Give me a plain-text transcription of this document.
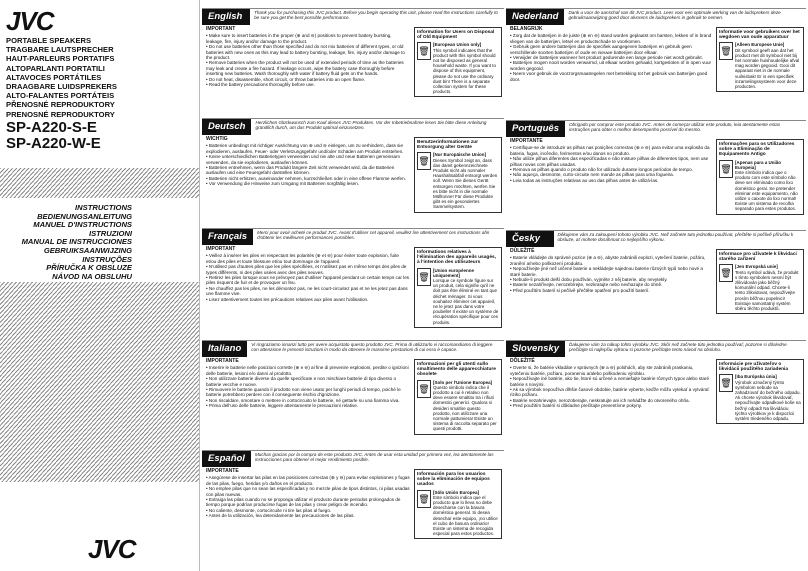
JVC
PORTABLE SPEAKERS
TRAGBARE LAUTSPRECHER
HAUT-PARLEURS PORTATIFS
ALTOPARLANTI PORTATILI
ALTAVOCES PORTÁTILES
DRAAGBARE LUIDSPREKERS
ALTO-FALANTES PORTÁTEIS
PŘENOSNÉ REPRODUKTORY
PRENOSNÉ REPRODUKTORY
SP-A220-S-E
SP-A220-W-E
INSTRUCTIONS
BEDIENUNGSANLEITUNG
MANUEL D'INSTRUCTIONS
ISTRUZIONI
MANUAL DE INSTRUCCIONES
GEBRUIKSAANWIJZING
INSTRUÇÕES
PŘÍRUČKA K OBSLUZE
NÁVOD NA OBSLUHU
JVC
English	Thank you for purchasing this JVC product. Before you begin operating this unit, please read the instructions carefully to be sure you get the best possible performance.
IMPORTANT
• Make sure to insert batteries in the proper (⊕ and ⊖) positions to prevent battery bursting, leakage, fire, injury and/or damage to the product.
• Do not use batteries other than those specified and do not mix batteries of different types, or old batteries with new ones as this may lead to battery bursting, leakage, fire, injury and/or damage to the product.
• Remove batteries when the product will not be used of extended periods of time as the batteries may leak and create a fire hazard. If leakage occurs, wipe the battery case thoroughly before inserting new batteries. Wash thoroughly with water if battery fluid gets on the hands.
• Do not heat, disassemble, short circuit, or throw batteries into an open flame.
• Read the battery precautions thoroughly before use.
Information for Users on Disposal of Old Equipment
🗑
[European Union only]
This symbol indicates that the product with this symbol should not be disposed as general household waste. If you want to dispose of this equipment, please do not use the ordinary dust bin! There is a separate collection system for these products.
Deutsch	Herzlichen Glückwunsch zum Kauf dieses JVC-Produktes. Vor der Inbetriebnahme lesen Sie bitte diese Anleitung gründlich durch, um das Produkt optimal einzusetzen.
WICHTIG
• Batterien unbedingt mit richtiger Ausrichtung von ⊕ und ⊖ einlegen, um zu verhindern, dass sie explodieren, auslaufen, Feuer- oder Verletzungsgefahr und/oder Schäden am Produkt entstehen.
• Keine unterschiedlichen Batterietypen verwenden und nie alte und neue Batterien gemeinsam verwenden, da sie explodieren, auslaufen können.
• Batterien entnehmen, wenn das Produkt längere Zeit nicht verwendet wird, da die Batterien auslaufen und eine Feuergefahr darstellen können.
• Batterien nicht erhitzen, auseinander nehmen, kurzschließen oder in eine offene Flamme werfen.
• Vor Verwendung die Hinweise zum Umgang mit Batterien sorgfältig lesen.
Benutzerinformationen zur Entsorgung alter Geräte
🗑
[Nur Europäische Union]
Dieses Symbol zeigt an, dass das damit gekennzeichnete Produkt nicht als normaler Haushaltsabfall entsorgt werden soll. Wenn Sie dieses Gerät entsorgen möchten, werfen Sie es bitte nicht in die normale Mülltonne! Für diese Produkte gibt es ein gesondertes Sammelsystem.
Français	Merci pour avoir acheté ce produit JVC. Avant d'utiliser cet appareil, veuillez lire attentivement ces instructions afin d'obtenir les meilleures performances possibles.
IMPORTANT
• Veillez à insérer les piles en respectant les polarités (⊕ et ⊖) pour éviter toute explosion, fuite et/ou des piles et toute blessure et/ou tout dommage de l'appareil.
• N'utilisez pas d'autres piles que les piles spécifiées, et n'utilisez pas en même temps des piles de types différents, ni des piles usées avec des piles neuves.
• Retirez les piles lorsque vous ne prévoyez pas d'utiliser l'appareil pendant un certain temps car les piles risquent de fuir et de provoquer un feu.
• Ne chauffez pas les piles, ne les démontez pas, ne les court-circuitez pas et ne les jetez pas dans une flamme vive.
• Lisez attentivement toutes les précautions relatives aux piles avant l'utilisation.
Informations relatives à l'élimination des appareils usagés, à l'intention des utilisateurs
🗑
[Union européenne uniquement]
Lorsque ce symbole figure sur un produit, cela signifie qu'il ne doit pas être éliminé en tant que déchet ménager. Si vous souhaitez éliminer cet appareil, ne le jetez pas dans votre poubelle! Il existe un système de récupération spécifique pour ces produits.
Italiano	Vi ringraziamo innanzi tutto per avere acquistato questo prodotto JVC. Prima di utilizzarlo vi raccomandiamo di leggere con attenzione le presenti istruzioni in modo da ottenere le massime prestazioni di cui esso è capace.
IMPORTANTE
• Inserire le batterie nelle posizioni corrette (⊕ e ⊖) al fine di prevenire esplosioni, perdite o ignizioni delle batterie, lesioni e/o danni al prodotto.
• Non utilizzare batterie diverse da quelle specificate e non mischiare batterie di tipo diverso o batterie vecchie e nuove.
• Rimuovere le batterie quando il prodotto non viene usato per lunghi periodi di tempo, poiché le batterie potrebbero perdere con il conseguente rischio d'ignizione.
• Non riscaldare, smontare o mettere in cortocircuito le batterie, né gettarle su una fiamma viva.
• Prima dell'uso delle batterie, leggere attentamente le precauzioni relative.
Informazioni per gli utenti sullo smaltimento delle apparecchiature obsolete
🗑
[Solo per l'Unione Europea]
Questo simbolo indica che il prodotto a cui è relativo non deve essere smaltito tra i rifiuti domestici generici. Qualora si desideri smaltire questo prodotto, non utilizzare una normale pattumiera! Esiste un sistema di raccolta separato per questi prodotti.
Español	Muchas gracias por la compra de este producto JVC. Antes de usar esta unidad por primera vez, lea atentamente las instrucciones para obtener el mejor rendimiento posible.
IMPORTANTE
• Asegúrese de insertar las pilas en las posiciones correctas (⊕ y ⊖) para evitar explosiones y fugas de las pilas, fuego, heridas y/o daños en el producto.
• No emplee pilas que no sean las especificadas y no mezcle pilas de tipos distintos, ni pilas usadas con pilas nuevas.
• Extraiga las pilas cuando no se proponga utilizar el producto durante periodos prolongados de tiempo porque podrían producirse fugas de las pilas y crear peligro de incendio.
• No caliente, desmonte, cortocircuite ni tire las pilas al fuego.
• Antes de la utilización, lea detenidamente las precauciones de las pilas.
Información para los usuarios sobre la eliminación de equipos usados
🗑
[Sólo Unión Europea]
Este símbolo indica que el producto que lo lleva no debe desecharse con la basura doméstica general. Si desea desechar este equipo, ¡no utilice el cubo de basura ordinario! Existe un sistema de recogida especial para estos productos.
Nederland	Dank u voor de aanschaf van dit JVC product. Lees voor een optimale werking van de luidsprekers deze gebruiksaanwijzing goed door alvorens de luidsprekers in gebruik te nemen.
BELANGRIJK
• Zorg dat de batterijen in de juiste (⊕ en ⊖) stand worden geplaatst om barsten, lekken of in brand vliegen van de batterijen, letsel en productschade te voorkomen.
• Gebruik geen andere batterijen dan de specifiek aangegeven batterijen en gebruik geen verschillende soorten batterijen of oude en nieuwe batterijen door elkaar.
• Verwijder de batterijen wanneer het product gedurende een lange periode niet wordt gebruikt.
• Batterijen mogen nooit worden verwarmd, uit elkaar worden gehaald, kortgesloten of in open vuur worden gegooid.
• Neem voor gebruik de voorzorgsmaatregelen met betrekking tot het gebruik van batterijen goed door.
Informatie voor gebruikers over het wegdoen van oude apparatuur
🗑
[Alleen Europese Unie]
Dit symbool geeft aan dat het product met dit symbool niet bij het normale huishoudelijke afval mag worden gegooid. Gooi dit apparaat niet in de normale vuilnisbak! Er is een specifiek inzamelingssysteem voor deze producten.
Português	Obrigado por comprar este produto JVC. Antes de começar utilizar este produto, leia atentamente estas instruções para obter o melhor desempenho possível do mesmo.
IMPORTANTE
• Certifique-se de introduzir as pilhas nas posições correctas (⊕ e ⊖) para evitar uma explosão da bateria, fugas, incêndio, ferimentos e/ou danos no produto.
• Não utilize pilhas diferentes das especificadas e não misture pilhas de diferentes tipos, nem use pilhas novas com pilhas usadas.
• Remova as pilhas quando o produto não for utilizado durante longos períodos de tempo.
• Não aqueça, desmonte, curto-circuite nem mande as pilhas para uma fogueira.
• Leia todas as instruções relativas ao uso das pilhas antes de utilizá-las.
Informações para os Utilizadores sobre a Eliminação de Equipamento Antigo
🗑
[Apenas para a União Europeia]
Este símbolo indica que o produto com este símbolo não deve ser eliminado como lixo doméstico geral. Se pretender eliminar este equipamento, não utilize o caixote do lixo normal! Existe um sistema de recolha separado para estes produtos.
Česky	Děkujeme vám za zakoupení tohoto výrobku JVC. Než začnete tuto jednotku používat, přečtěte si pečlivě příručku k obsluze, ať mohete dosáhnout co nejlepšího výkonu.
DŮLEŽITÉ
• Baterie vkládejte do správné pozice (⊕ a ⊖), abyste zabránili explozi, vytečení baterie, požáru, zranění a/nebo poškození produktu.
• Nepoužívejte jiné než určené baterie a nekládejte najednou baterie různých typů nebo nové a staré baterie.
• Nebude-li produkt delší dobu používán, vyjměte z něj baterie, aby nevytekly.
• Baterie nezahřívejte, nerozebírejte, nezkratujte nebo nevhazujte do ohně.
• Před použitím baterií si pečlivě přečtěte opatření pro použití baterií.
Informace pro uživatele k likvidaci starého zařízení
🗑
[Jen Evropská unie]
Tento symbol udává, že produkt s tímto symbolem nesmí být zlikvidován jako běžný komunální odpad. Chcete-li tento zlikvidovat, nepoužívejte prosím běžnou popelnici! Existuje samostatný systém sběru těchto produktů.
Slovensky	Ďakujeme vám za nákup tohto výrobku JVC. Skôr než začnete túto jednotku používať, pozorne si dôsledne prečítajte tú najlepšiu výkonu si pozorne prečítajte tento návod na obsluhu.
DÔLEŽITÉ
• Overte si, že batérie vkladáte v správnych (⊕ a ⊖) polohách, aby ste zabránili praskaniu, vytečeniu batérie, požiaru, poraneniu a/alebo poškodeniu výrobku.
• Nepoužívajte iné batérie, ako tie, ktoré sú určené a nemiešajte batérie rôznych typov alebo staré batérie s novými.
• Ak sa výrobok nepoužíva dlhšie časové obdobie, batérie vyberte, keďže môžu vytekať a vytvárať riziko požiaru.
• Batérie nezahrievajte, nerozoberajte, neskratujte ani ich nehádžte do otvoreného ohňa.
• Pred použitím batérií si dôkladne prečítajte preventívne pokyny.
Informácie pre užívateľov o likvidácii použitého zariadenia
🗑
[Iba Európska únia]
Výrobok označený týmto symbolom nebude sa zahadzovať do bežného odpadu. Ak chcete výrobok likvidovať, nepoužívajte odpadkové koše na bežný odpad! Na likvidáciu týchto výrobkov je k dispozícii systém triedeného odpadu.
